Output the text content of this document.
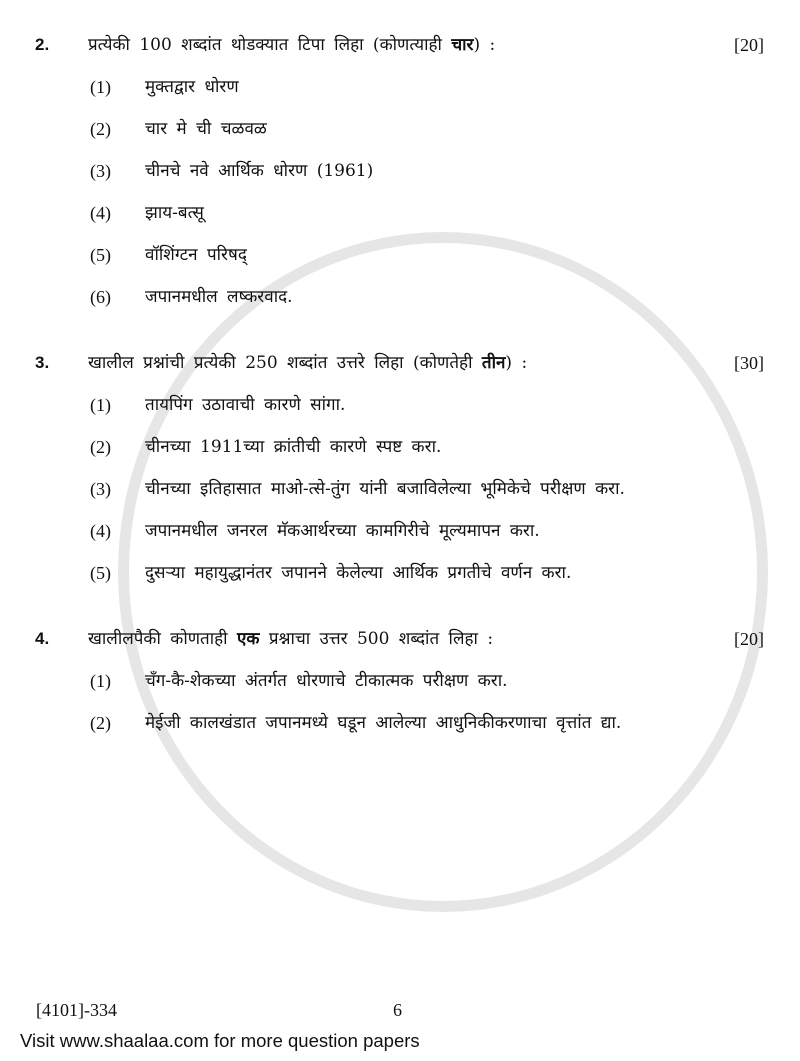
2.	प्रत्येकी 100 शब्दांत थोडक्यात टिपा लिहा (कोणत्याही चार) :	[20]
(1)	मुक्तद्वार धोरण
(2)	चार मे ची चळवळ
(3)	चीनचे नवे आर्थिक धोरण (1961)
(4)	झाय-बत्सू
(5)	वॉशिंग्टन परिषद्
(6)	जपानमधील लष्करवाद.
3.	खालील प्रश्नांची प्रत्येकी 250 शब्दांत उत्तरे लिहा (कोणतेही तीन) :	[30]
(1)	तायपिंग उठावाची कारणे सांगा.
(2)	चीनच्या 1911च्या क्रांतीची कारणे स्पष्ट करा.
(3)	चीनच्या इतिहासात माओ-त्से-तुंग यांनी बजाविलेल्या भूमिकेचे परीक्षण करा.
(4)	जपानमधील जनरल मॅकआर्थरच्या कामगिरीचे मूल्यमापन करा.
(5)	दुसऱ्या महायुद्धानंतर जपानने केलेल्या आर्थिक प्रगतीचे वर्णन करा.
4.	खालीलपैकी कोणताही एक प्रश्नाचा उत्तर 500 शब्दांत लिहा :	[20]
(1)	चँग-कै-शेकच्या अंतर्गत धोरणाचे टीकात्मक परीक्षण करा.
(2)	मेईजी कालखंडात जपानमध्ये घडून आलेल्या आधुनिकीकरणाचा वृत्तांत द्या.
[4101]-334	6
Visit www.shaalaa.com for more question papers
